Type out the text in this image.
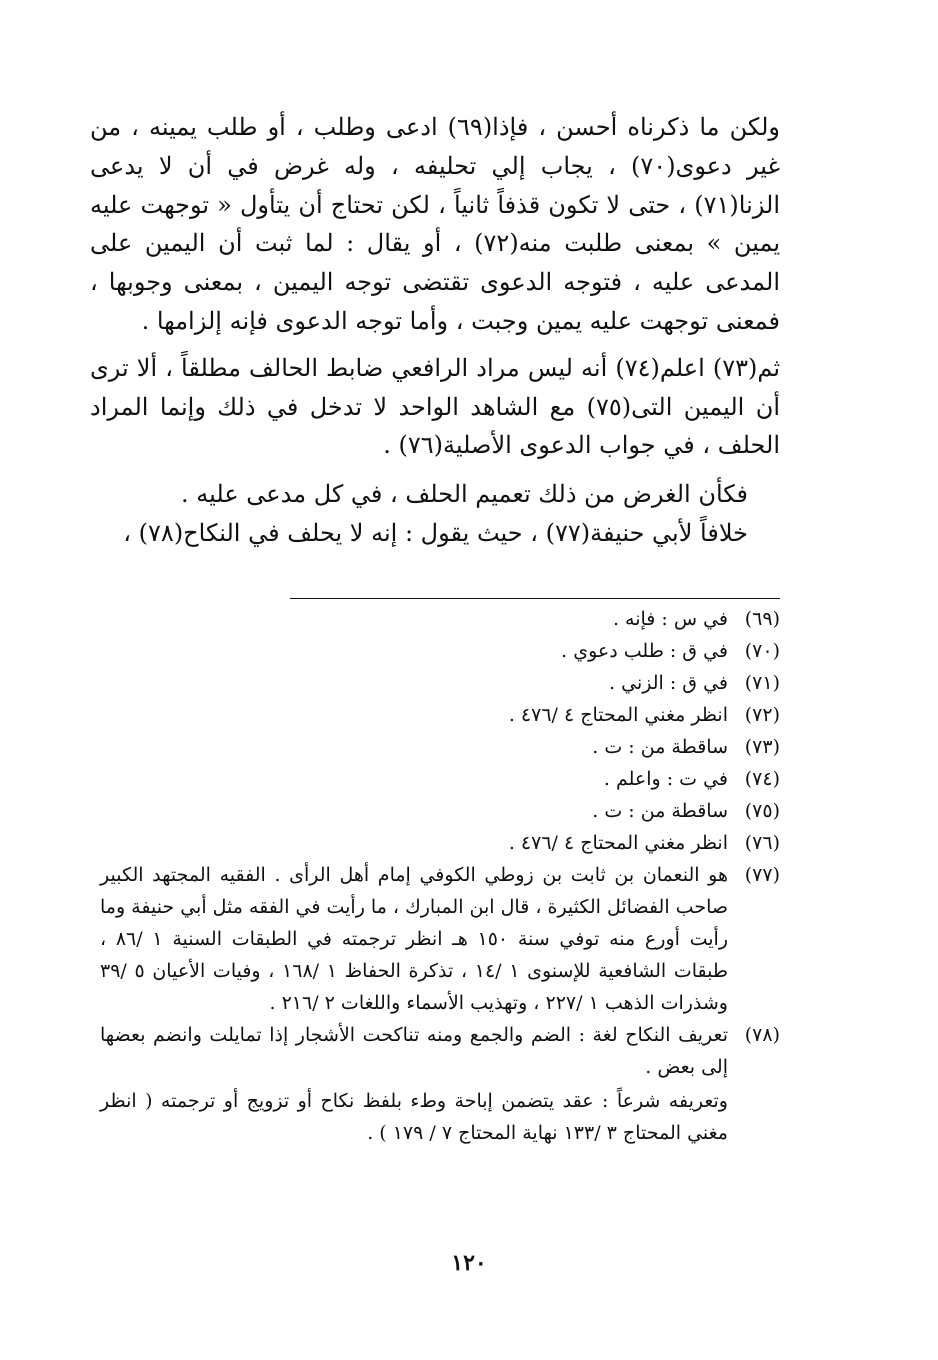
ولكن ما ذكرناه أحسن ، فإذا(٦٩) ادعى وطلب ، أو طلب يمينه ، من غير دعوى(٧٠) ، يجاب إلي تحليفه ، وله غرض في أن لا يدعى الزنا(٧١) ، حتى لا تكون قذفاً ثانياً ، لكن تحتاج أن يتأول « توجهت عليه يمين » بمعنى طلبت منه(٧٢) ، أو يقال : لما ثبت أن اليمين على المدعى عليه ، فتوجه الدعوى تقتضى توجه اليمين ، بمعنى وجوبها ، فمعنى توجهت عليه يمين وجبت ، وأما توجه الدعوى فإنه إلزامها .

ثم(٧٣) اعلم(٧٤) أنه ليس مراد الرافعي ضابط الحالف مطلقاً ، ألا ترى أن اليمين التى(٧٥) مع الشاهد الواحد لا تدخل في ذلك وإنما المراد الحلف ، في جواب الدعوى الأصلية(٧٦) .

فكأن الغرض من ذلك تعميم الحلف ، في كل مدعى عليه .

خلافاً لأبي حنيفة(٧٧) ، حيث يقول : إنه لا يحلف في النكاح(٧٨) ،

(٦٩)
في س : فإنه .
(٧٠)
في ق : طلب دعوي .
(٧١)
في ق : الزني .
(٧٢)
انظر مغني المحتاج ٤ /٤٧٦ .
(٧٣)
ساقطة من : ت .
(٧٤)
في ت : واعلم .
(٧٥)
ساقطة من : ت .
(٧٦)
انظر مغني المحتاج ٤ /٤٧٦ .
(٧٧)
هو النعمان بن ثابت بن زوطي الكوفي إمام أهل الرأى . الفقيه المجتهد الكبير صاحب الفضائل الكثيرة ، قال ابن المبارك ، ما رأيت في الفقه مثل أبي حنيفة وما رأيت أورع منه توفي سنة ١٥٠ هـ انظر ترجمته في الطبقات السنية ١ /٨٦ ، طبقات الشافعية للإسنوى ١ /١٤ ، تذكرة الحفاظ ١ /١٦٨ ، وفيات الأعيان ٥ /٣٩ وشذرات الذهب ١ /٢٢٧ ، وتهذيب الأسماء واللغات ٢ /٢١٦ .
(٧٨)
تعريف النكاح لغة : الضم والجمع ومنه تناكحت الأشجار إذا تمايلت وانضم بعضها إلى بعض .
وتعريفه شرعاً : عقد يتضمن إباحة وطء بلفظ نكاح أو تزويج أو ترجمته ( انظر مغني المحتاج ٣ /١٣٣ نهاية المحتاج ٧ / ١٧٩ ) .
١٢٠
